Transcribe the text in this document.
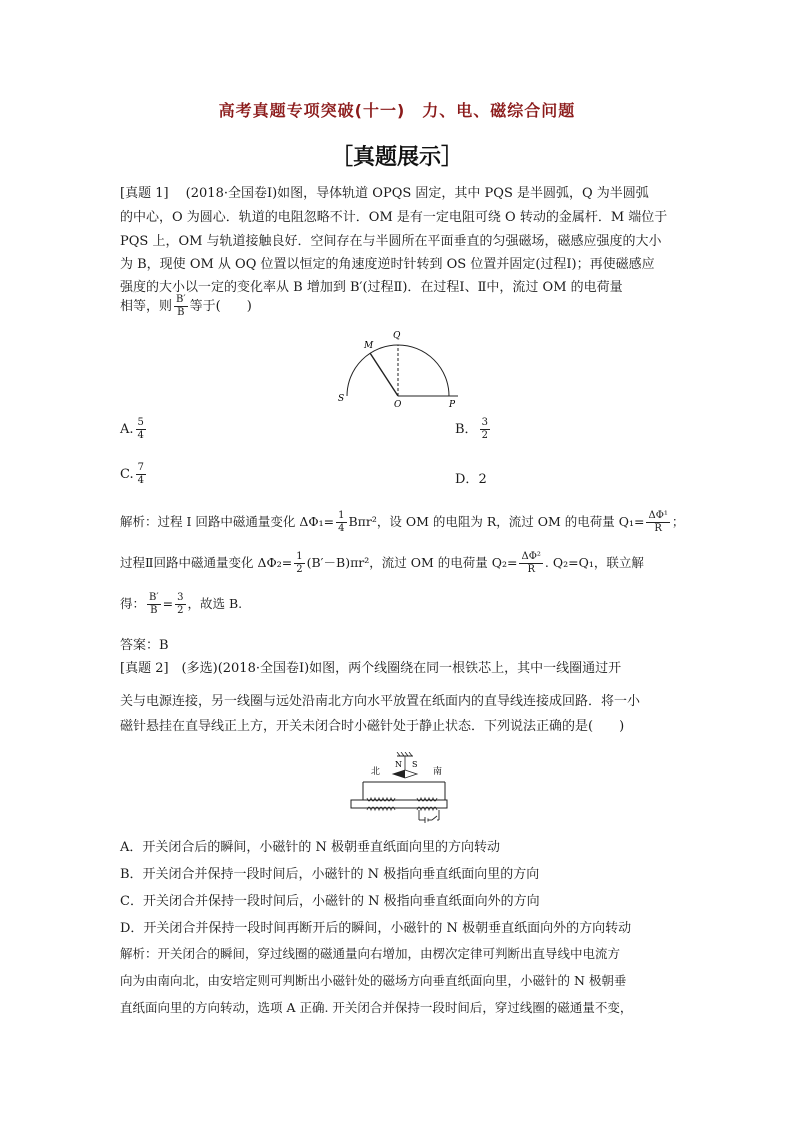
高考真题专项突破(十一)　力、电、磁综合问题
［真题展示］
[真题 1]　 (2018·全国卷Ⅰ)如图，导体轨道 OPQS 固定，其中 PQS 是半圆弧，Q 为半圆弧
的中心，O 为圆心．轨道的电阻忽略不计．OM 是有一定电阻可绕 O 转动的金属杆．M 端位于
PQS 上，OM 与轨道接触良好．空间存在与半圆所在平面垂直的匀强磁场，磁感应强度的大小
为 B，现使 OM 从 OQ 位置以恒定的角速度逆时针转到 OS 位置并固定(过程Ⅰ)；再使磁感应
强度的大小以一定的变化率从 B 增加到 B′(过程Ⅱ)．在过程Ⅰ、Ⅱ中，流过 OM 的电荷量
相等，则 $\frac{B'}{B}$ 等于(　　)
M
Q
S
O	P
A. $\frac{5}{4}$	B． $\frac{3}{2}$
C. $\frac{7}{4}$	D．2
解析：过程 I 回路中磁通量变化 $\Delta\Phi_1= \frac{1}{4} B\pi r^2$，设 OM 的电阻为 R，流过 OM 的电荷量 $Q_1= \frac{\text{ΔΦ¹}}{R}$ ；
过程Ⅱ回路中磁通量变化 $\Delta\Phi_2= \frac{1}{2} (B'-B)\pi r^2$，流过 OM 的电荷量 $Q_2= \frac{\text{ΔΦ²}}{R}$ . Q₂=Q₁，联立解
得： $\frac{B'}{B} = \frac{3}{2}$ ，故选 B.
答案：B
[真题 2]　(多选)(2018·全国卷Ⅰ)如图，两个线圈绕在同一根铁芯上，其中一线圈通过开
关与电源连接，另一线圈与远处沿南北方向水平放置在纸面内的直导线连接成回路．将一小
磁针悬挂在直导线正上方，开关未闭合时小磁针处于静止状态．下列说法正确的是(　　)
N S
北	南
A．开关闭合后的瞬间，小磁针的 N 极朝垂直纸面向里的方向转动
B．开关闭合并保持一段时间后，小磁针的 N 极指向垂直纸面向里的方向
C．开关闭合并保持一段时间后，小磁针的 N 极指向垂直纸面向外的方向
D．开关闭合并保持一段时间再断开后的瞬间，小磁针的 N 极朝垂直纸面向外的方向转动
解析：开关闭合的瞬间，穿过线圈的磁通量向右增加，由楞次定律可判断出直导线中电流方
向为由南向北，由安培定则可判断出小磁针处的磁场方向垂直纸面向里，小磁针的 N 极朝垂
直纸面向里的方向转动，选项 A 正确. 开关闭合并保持一段时间后，穿过线圈的磁通量不变，
